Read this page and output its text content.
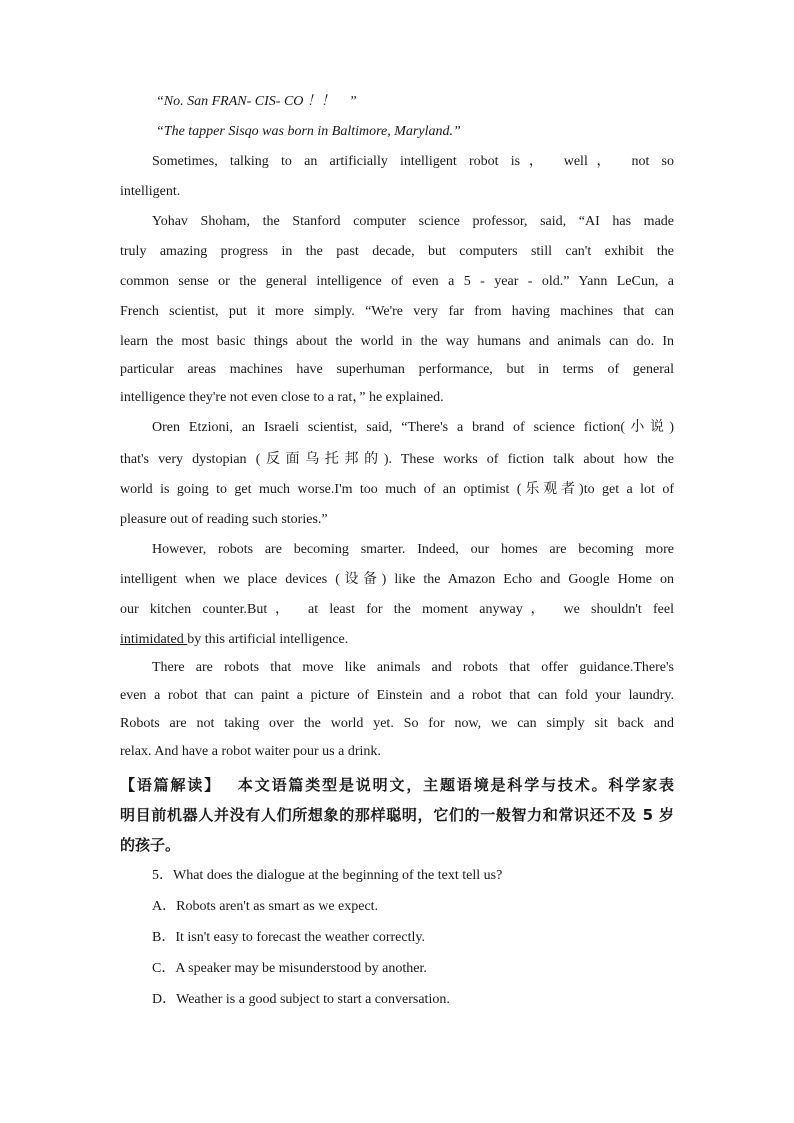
“No. San FRAN- CIS- CO ！！　”
“The tapper Sisqo was born in Baltimore, Maryland.”
Sometimes, talking to an artificially intelligent robot is， well， not so
intelligent.
Yohav Shoham, the Stanford computer science professor, said, “AI has made
truly amazing progress in the past decade, but computers still can't exhibit the
common sense or the general intelligence of even a 5 - year - old.” Yann LeCun, a
French scientist, put it more simply. “We're very far from having machines that can
learn the most basic things about the world in the way humans and animals can do. In
particular areas machines have superhuman performance, but in terms of general
intelligence they're not even close to a rat，” he explained.
Oren Etzioni, an Israeli scientist, said, “There's a brand of science fiction(小说)
that's very dystopian (反面乌托邦的). These works of fiction talk about how the
world is going to get much worse.I'm too much of an optimist (乐观者)to get a lot of
pleasure out of reading such stories.”
However, robots are becoming smarter. Indeed, our homes are becoming more
intelligent when we place devices (设备) like the Amazon Echo and Google Home on
our kitchen counter.But， at least for the moment anyway， we shouldn't feel
intimidated by this artificial intelligence.
There are robots that move like animals and robots that offer guidance.There's
even a robot that can paint a picture of Einstein and a robot that can fold your laundry.
Robots are not taking over the world yet. So for now, we can simply sit back and
relax. And have a robot waiter pour us a drink.
【语篇解读】  本文语篇类型是说明文，主题语境是科学与技术。科学家表
明目前机器人并没有人们所想象的那样聪明，它们的一般智力和常识还不及 5 岁
的孩子。
5．What does the dialogue at the beginning of the text tell us?
A．Robots aren't as smart as we expect.
B．It isn't easy to forecast the weather correctly.
C．A speaker may be misunderstood by another.
D．Weather is a good subject to start a conversation.
